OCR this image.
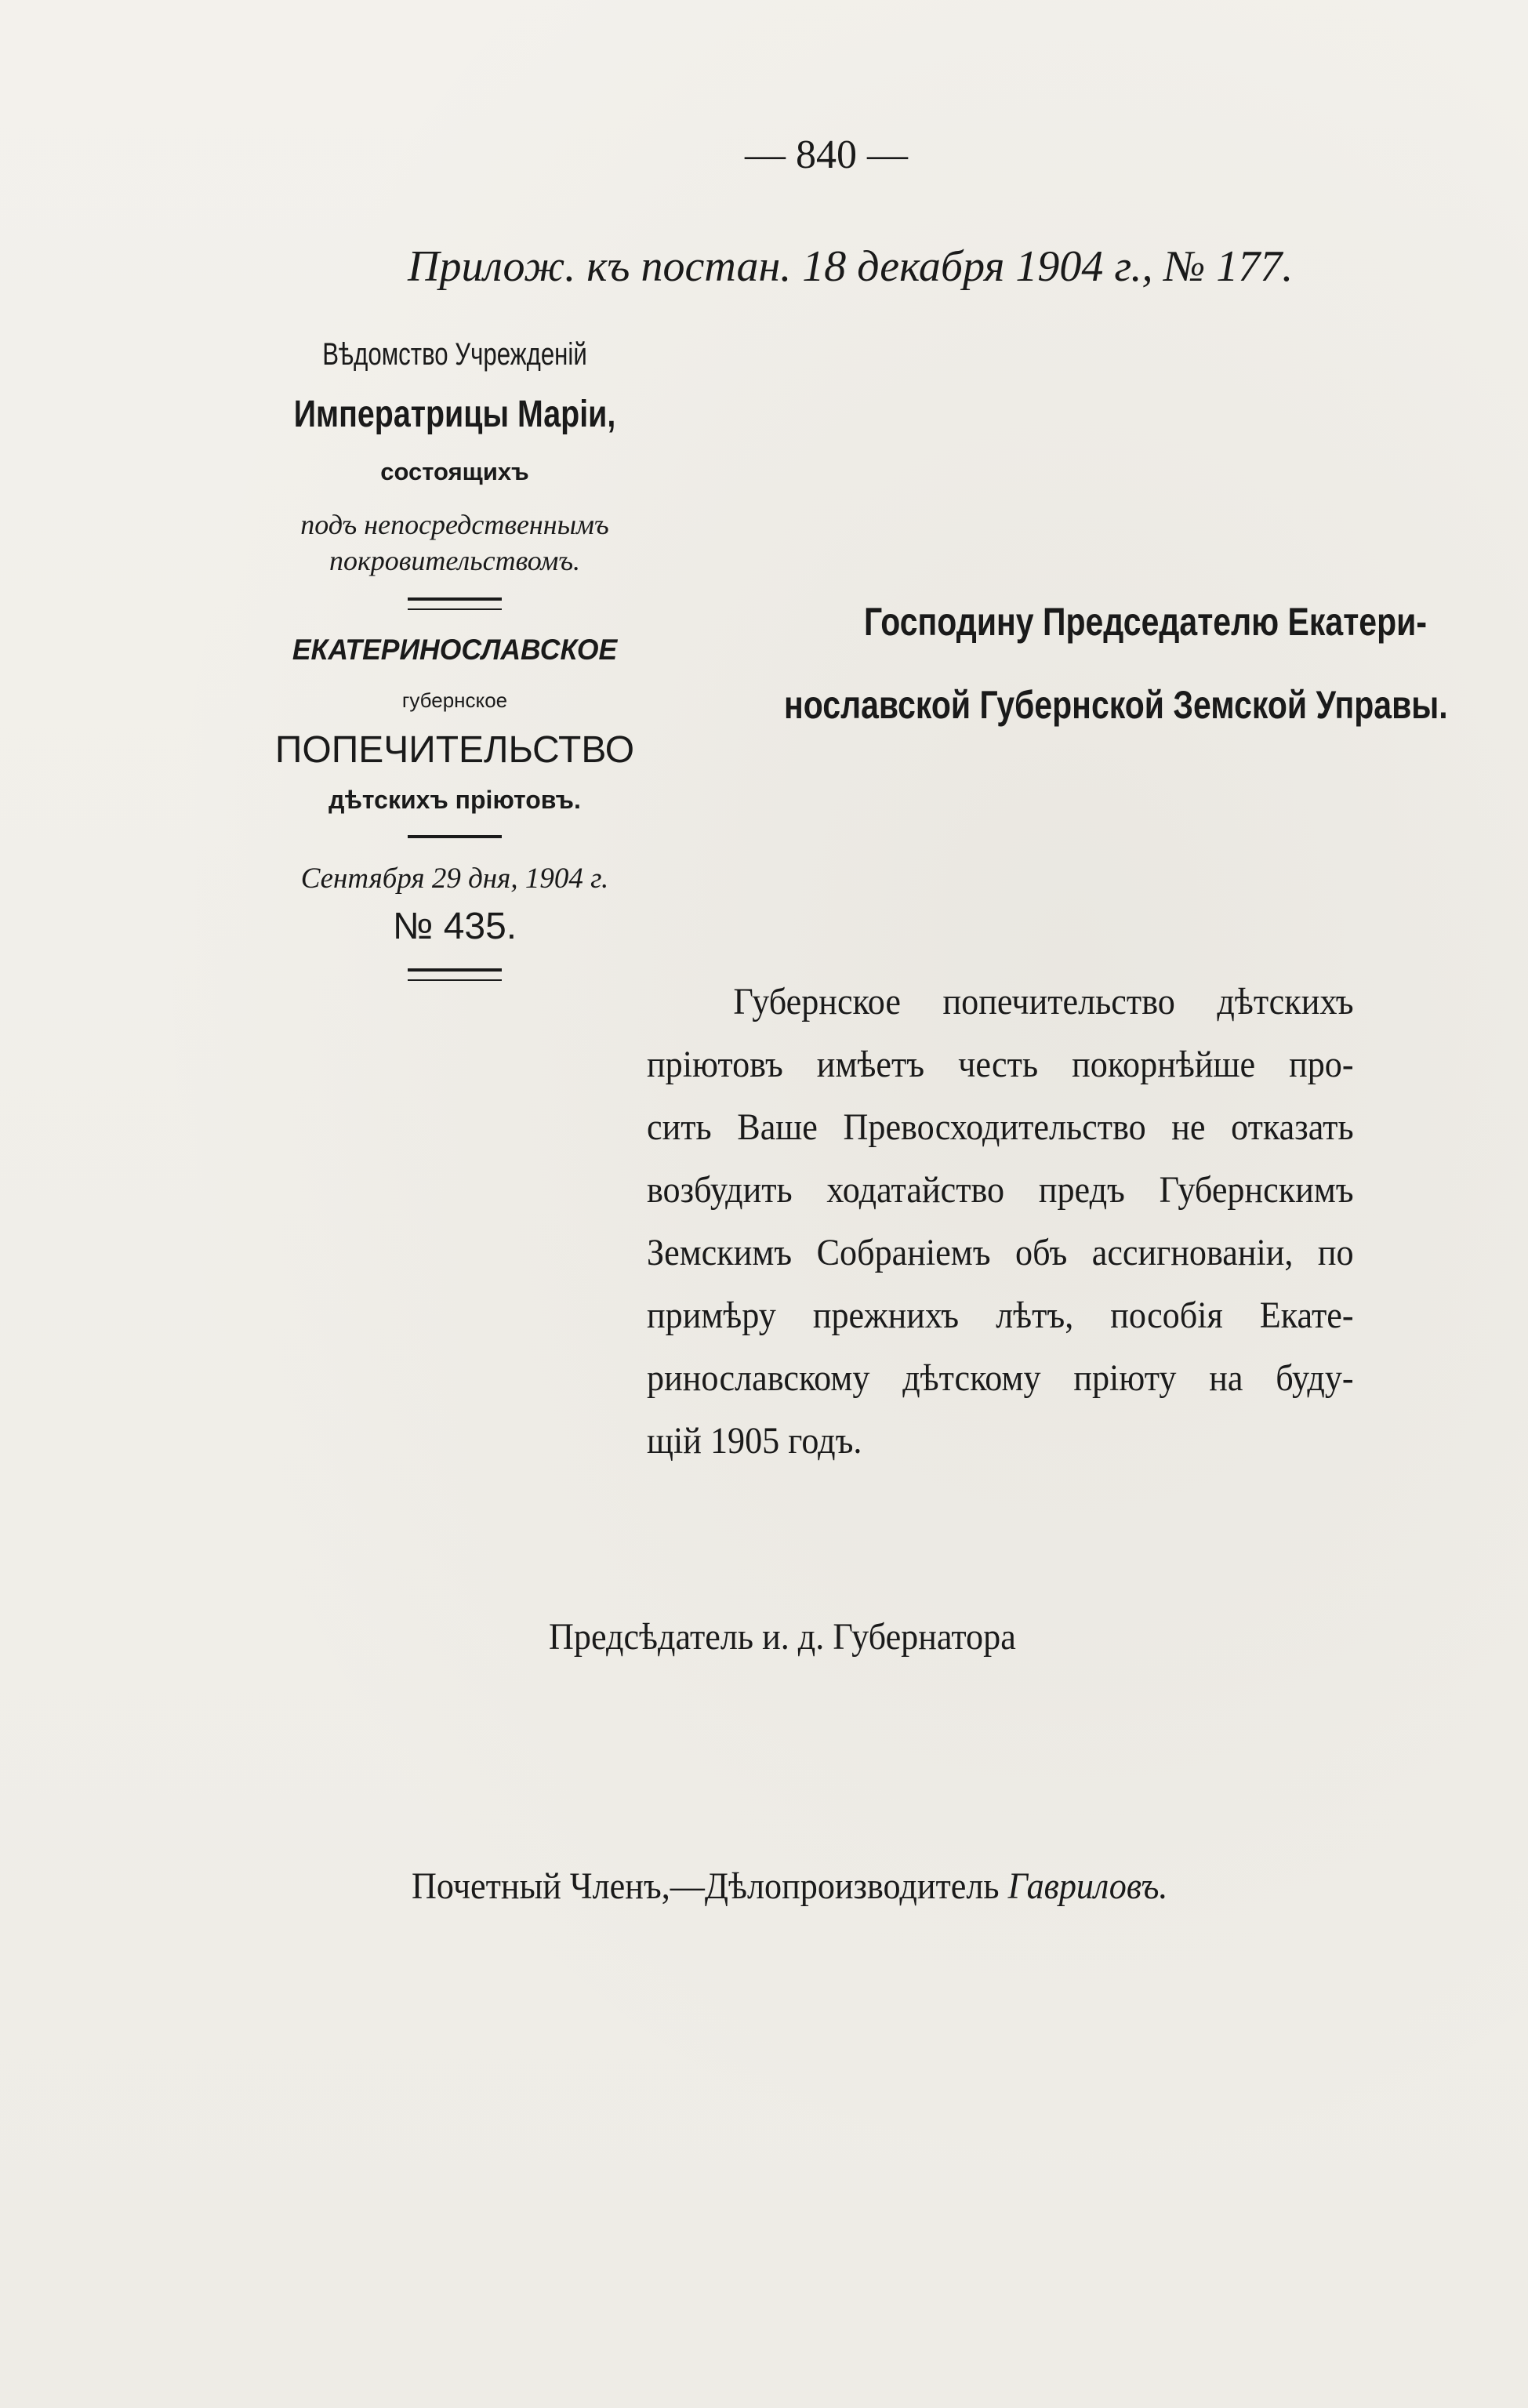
— 840 —
Прилож. къ постан. 18 декабря 1904 г., № 177.
Вѣдомство Учрежденій
Императрицы Маріи,
состоящихъ
подъ непосредственнымъ
покровительствомъ.
ЕКАТЕРИНОСЛАВСКОЕ
губернское
ПОПЕЧИТЕЛЬСТВО
дѣтскихъ пріютовъ.
Сентября 29 дня, 1904 г.
№ 435.
Господину Председателю Екатери-
нославской Губернской Земской Управы.
Губернское попечительство дѣтскихъ
пріютовъ имѣетъ честь покорнѣйше про-
сить Ваше Превосходительство не отказать
возбудить ходатайство предъ Губернскимъ
Земскимъ Собраніемъ объ ассигнованіи, по
примѣру прежнихъ лѣтъ, пособія Екате-
ринославскому дѣтскому пріюту на буду-
щій 1905 годъ.
Предсѣдатель и. д. Губернатора
Почетный Членъ,—Дѣлопроизводитель Гавриловъ.
